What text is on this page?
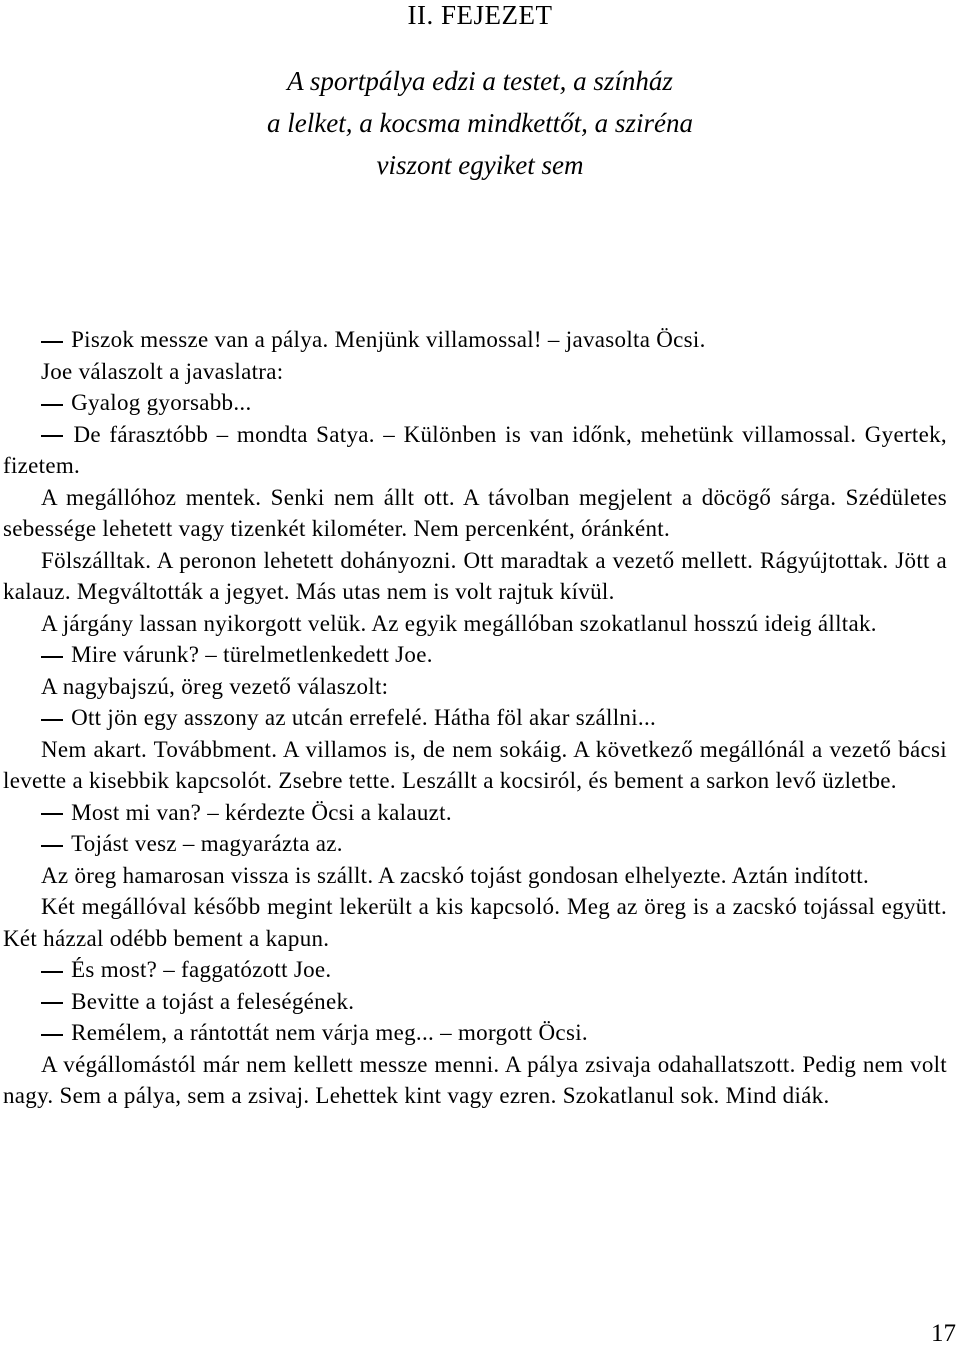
II. FEJEZET
A sportpálya edzi a testet, a színház
a lelket, a kocsma mindkettőt, a sziréna
viszont egyiket sem

Piszok messze van a pálya. Menjünk villamossal! – javasolta Öcsi.

Joe válaszolt a javaslatra:

Gyalog gyorsabb...

De fárasztóbb – mondta Satya. – Különben is van időnk, mehetünk villamossal. Gyertek, fizetem.

A megállóhoz mentek. Senki nem állt ott. A távolban megjelent a döcögő sárga. Szédületes sebessége lehetett vagy tizenkét kilométer. Nem percenként, óránként.

Fölszálltak. A peronon lehetett dohányozni. Ott maradtak a vezető mellett. Rágyújtottak. Jött a kalauz. Megváltották a jegyet. Más utas nem is volt rajtuk kívül.

A járgány lassan nyikorgott velük. Az egyik megállóban szokatlanul hosszú ideig álltak.

Mire várunk? – türelmetlenkedett Joe.

A nagybajszú, öreg vezető válaszolt:

Ott jön egy asszony az utcán errefelé. Hátha föl akar szállni...

Nem akart. Továbbment. A villamos is, de nem sokáig. A következő megállónál a vezető bácsi levette a kisebbik kapcsolót. Zsebre tette. Leszállt a kocsiról, és bement a sarkon levő üzletbe.

Most mi van? – kérdezte Öcsi a kalauzt.

Tojást vesz – magyarázta az.

Az öreg hamarosan vissza is szállt. A zacskó tojást gondosan elhelyezte. Aztán indított.

Két megállóval később megint lekerült a kis kapcsoló. Meg az öreg is a zacskó tojással együtt. Két házzal odébb bement a kapun.

És most? – faggatózott Joe.

Bevitte a tojást a feleségének.

Remélem, a rántottát nem várja meg... – morgott Öcsi.

A végállomástól már nem kellett messze menni. A pálya zsivaja odahallatszott. Pedig nem volt nagy. Sem a pálya, sem a zsivaj. Lehettek kint vagy ezren. Szokatlanul sok. Mind diák.

17
